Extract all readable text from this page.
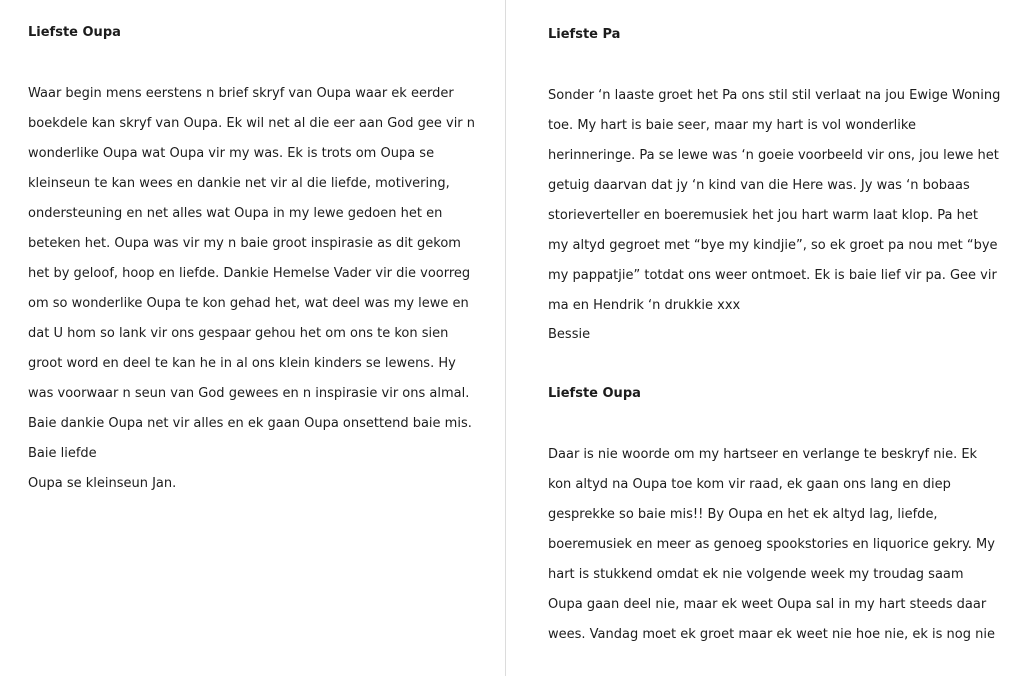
Liefste Oupa

Waar begin mens eerstens n brief skryf van Oupa waar ek eerder

boekdele kan skryf van Oupa. Ek wil net al die eer aan God gee vir n

wonderlike Oupa wat Oupa vir my was. Ek is trots om Oupa se

kleinseun te kan wees en dankie net vir al die liefde, motivering,

ondersteuning en net alles wat Oupa in my lewe gedoen het en

beteken het. Oupa was vir my n baie groot inspirasie as dit gekom

het by geloof, hoop en liefde. Dankie Hemelse Vader vir die voorreg

om so wonderlike Oupa te kon gehad het, wat deel was my lewe en

dat U hom so lank vir ons gespaar gehou het om ons te kon sien

groot word en deel te kan he in al ons klein kinders se lewens. Hy

was voorwaar n seun van God gewees en n inspirasie vir ons almal.

Baie dankie Oupa net vir alles en ek gaan Oupa onsettend baie mis.

Baie liefde

Oupa se kleinseun Jan.

Liefste Pa

Sonder ‘n laaste groet het Pa ons stil stil verlaat na jou Ewige Woning

toe. My hart is baie seer, maar my hart is vol wonderlike

herinneringe. Pa se lewe was ‘n goeie voorbeeld vir ons, jou lewe het

getuig daarvan dat jy ‘n kind van die Here was. Jy was ‘n bobaas

storieverteller en boeremusiek het jou hart warm laat klop. Pa het

my altyd gegroet met “bye my kindjie”, so ek groet pa nou met “bye

my pappatjie” totdat ons weer ontmoet. Ek is baie lief vir pa. Gee vir

ma en Hendrik ‘n drukkie xxx

Bessie

Liefste Oupa

Daar is nie woorde om my hartseer en verlange te beskryf nie. Ek

kon altyd na Oupa toe kom vir raad, ek gaan ons lang en diep

gesprekke so baie mis!! By Oupa en het ek altyd lag, liefde,

boeremusiek en meer as genoeg spookstories en liquorice gekry. My

hart is stukkend omdat ek nie volgende week my troudag saam

Oupa gaan deel nie, maar ek weet Oupa sal in my hart steeds daar

wees. Vandag moet ek groet maar ek weet nie hoe nie, ek is nog nie
